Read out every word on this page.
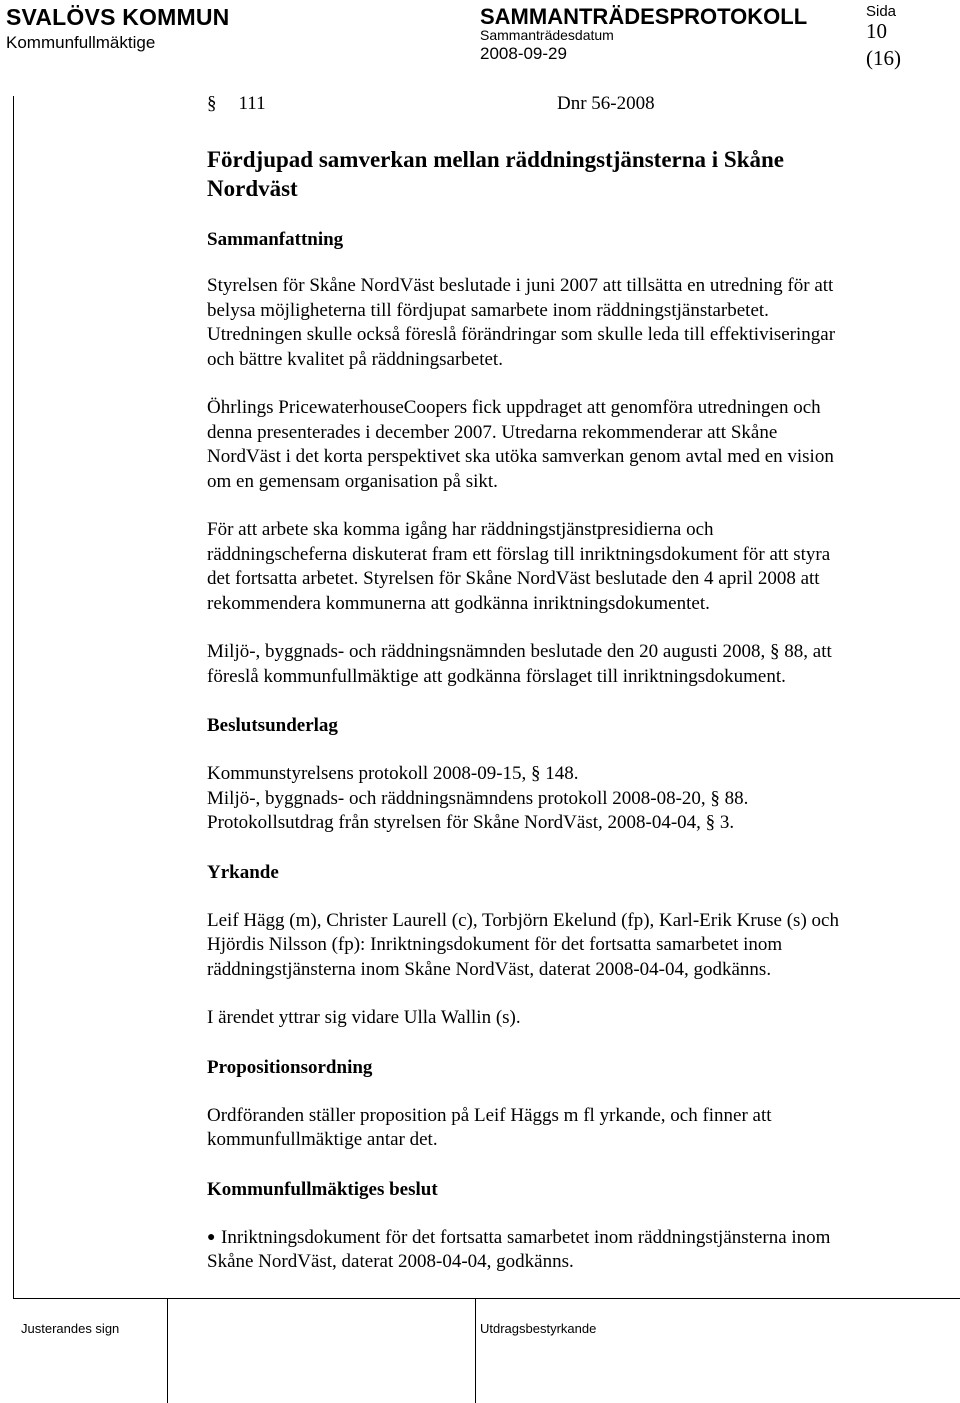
SVALÖVS KOMMUN
Kommunfullmäktige
SAMMANTRÄDESPROTOKOLL
Sammanträdesdatum
2008-09-29
Sida
10
(16)
§ 111	Dnr 56-2008

Fördjupad samverkan mellan räddningstjänsterna i Skåne
Nordväst

Sammanfattning

Styrelsen för Skåne NordVäst beslutade i juni 2007 att tillsätta en utredning för att
belysa möjligheterna till fördjupat samarbete inom räddningstjänstarbetet.
Utredningen skulle också föreslå förändringar som skulle leda till effektiviseringar
och bättre kvalitet på räddningsarbetet.

Öhrlings PricewaterhouseCoopers fick uppdraget att genomföra utredningen och
denna presenterades i december 2007. Utredarna rekommenderar att Skåne
NordVäst i det korta perspektivet ska utöka samverkan genom avtal med en vision
om en gemensam organisation på sikt.

För att arbete ska komma igång har räddningstjänstpresidierna och
räddningscheferna diskuterat fram ett förslag till inriktningsdokument för att styra
det fortsatta arbetet. Styrelsen för Skåne NordVäst beslutade den 4 april 2008 att
rekommendera kommunerna att godkänna inriktningsdokumentet.

Miljö-, byggnads- och räddningsnämnden beslutade den 20 augusti 2008, § 88, att
föreslå kommunfullmäktige att godkänna förslaget till inriktningsdokument.

Beslutsunderlag

Kommunstyrelsens protokoll 2008-09-15, § 148.
Miljö-, byggnads- och räddningsnämndens protokoll 2008-08-20, § 88.
Protokollsutdrag från styrelsen för Skåne NordVäst, 2008-04-04, § 3.

Yrkande

Leif Hägg (m), Christer Laurell (c), Torbjörn Ekelund (fp), Karl-Erik Kruse (s) och
Hjördis Nilsson (fp): Inriktningsdokument för det fortsatta samarbetet inom
räddningstjänsterna inom Skåne NordVäst, daterat 2008-04-04, godkänns.

I ärendet yttrar sig vidare Ulla Wallin (s).

Propositionsordning

Ordföranden ställer proposition på Leif Häggs m fl yrkande, och finner att
kommunfullmäktige antar det.

Kommunfullmäktiges beslut

● Inriktningsdokument för det fortsatta samarbetet inom räddningstjänsterna inom

Skåne NordVäst, daterat 2008-04-04, godkänns.

Justerandes sign	Utdragsbestyrkande
